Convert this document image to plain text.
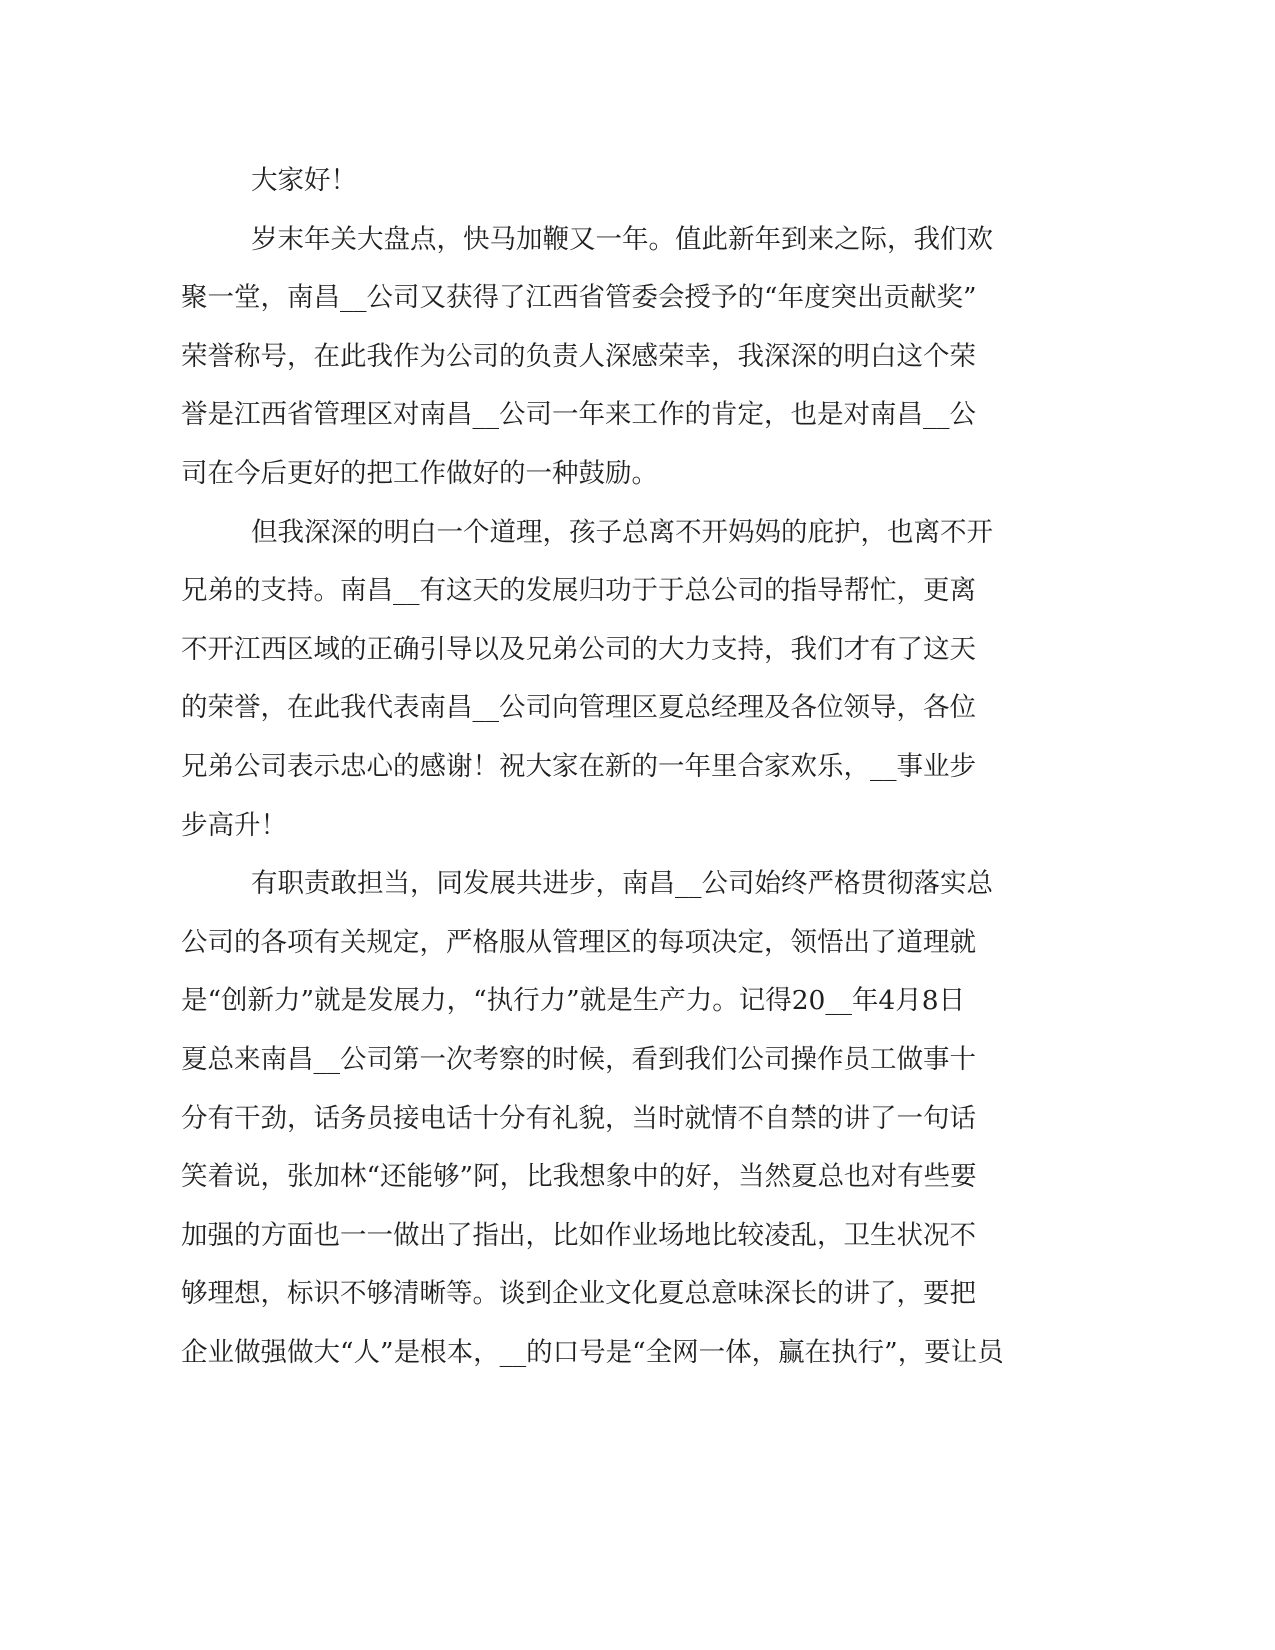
大家好！
岁末年关大盘点，快马加鞭又一年。值此新年到来之际，我们欢
聚一堂，南昌__公司又获得了江西省管委会授予的“年度突出贡献奖”
荣誉称号，在此我作为公司的负责人深感荣幸，我深深的明白这个荣
誉是江西省管理区对南昌__公司一年来工作的肯定，也是对南昌__公
司在今后更好的把工作做好的一种鼓励。
但我深深的明白一个道理，孩子总离不开妈妈的庇护，也离不开
兄弟的支持。南昌__有这天的发展归功于于总公司的指导帮忙，更离
不开江西区域的正确引导以及兄弟公司的大力支持，我们才有了这天
的荣誉，在此我代表南昌__公司向管理区夏总经理及各位领导，各位
兄弟公司表示忠心的感谢！祝大家在新的一年里合家欢乐，__事业步
步高升！
有职责敢担当，同发展共进步，南昌__公司始终严格贯彻落实总
公司的各项有关规定，严格服从管理区的每项决定，领悟出了道理就
是“创新力”就是发展力，“执行力”就是生产力。记得20__年4月8日
夏总来南昌__公司第一次考察的时候，看到我们公司操作员工做事十
分有干劲，话务员接电话十分有礼貌，当时就情不自禁的讲了一句话
笑着说，张加林“还能够”阿，比我想象中的好，当然夏总也对有些要
加强的方面也一一做出了指出，比如作业场地比较凌乱，卫生状况不
够理想，标识不够清晰等。谈到企业文化夏总意味深长的讲了，要把
企业做强做大“人”是根本，__的口号是“全网一体，赢在执行”，要让员
